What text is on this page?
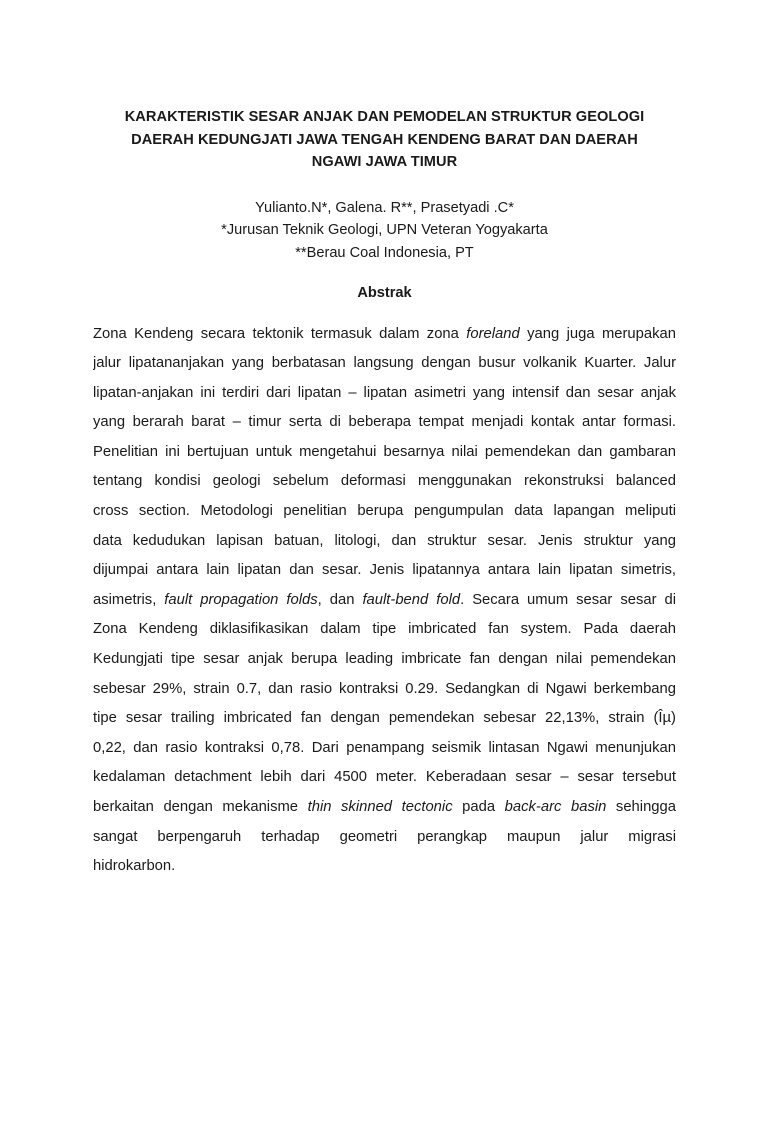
KARAKTERISTIK SESAR ANJAK DAN PEMODELAN STRUKTUR GEOLOGI
DAERAH KEDUNGJATI JAWA TENGAH KENDENG BARAT DAN DAERAH
NGAWI JAWA TIMUR
Yulianto.N*, Galena. R**, Prasetyadi .C*
*Jurusan Teknik Geologi, UPN Veteran Yogyakarta
**Berau Coal Indonesia, PT
Abstrak
Zona Kendeng secara tektonik termasuk dalam zona foreland yang juga merupakan
jalur lipatananjakan yang berbatasan langsung dengan busur volkanik Kuarter. Jalur
lipatan-anjakan ini terdiri dari lipatan – lipatan asimetri yang intensif dan sesar anjak
yang berarah barat – timur serta di beberapa tempat menjadi kontak antar formasi.
Penelitian ini bertujuan untuk mengetahui besarnya nilai pemendekan dan gambaran
tentang kondisi geologi sebelum deformasi menggunakan rekonstruksi balanced
cross section. Metodologi penelitian berupa pengumpulan data lapangan meliputi
data kedudukan lapisan batuan, litologi, dan struktur sesar. Jenis struktur yang
dijumpai antara lain lipatan dan sesar. Jenis lipatannya antara lain lipatan simetris,
asimetris, fault propagation folds, dan fault-bend fold. Secara umum sesar sesar di
Zona Kendeng diklasifikasikan dalam tipe imbricated fan system. Pada daerah
Kedungjati tipe sesar anjak berupa leading imbricate fan dengan nilai pemendekan
sebesar 29%, strain 0.7, dan rasio kontraksi 0.29. Sedangkan di Ngawi berkembang
tipe sesar trailing imbricated fan dengan pemendekan sebesar 22,13%, strain (Îµ)
0,22, dan rasio kontraksi 0,78. Dari penampang seismik lintasan Ngawi menunjukan
kedalaman detachment lebih dari 4500 meter. Keberadaan sesar – sesar tersebut
berkaitan dengan mekanisme thin skinned tectonic pada back-arc basin sehingga
sangat berpengaruh terhadap geometri perangkap maupun jalur migrasi
hidrokarbon.
